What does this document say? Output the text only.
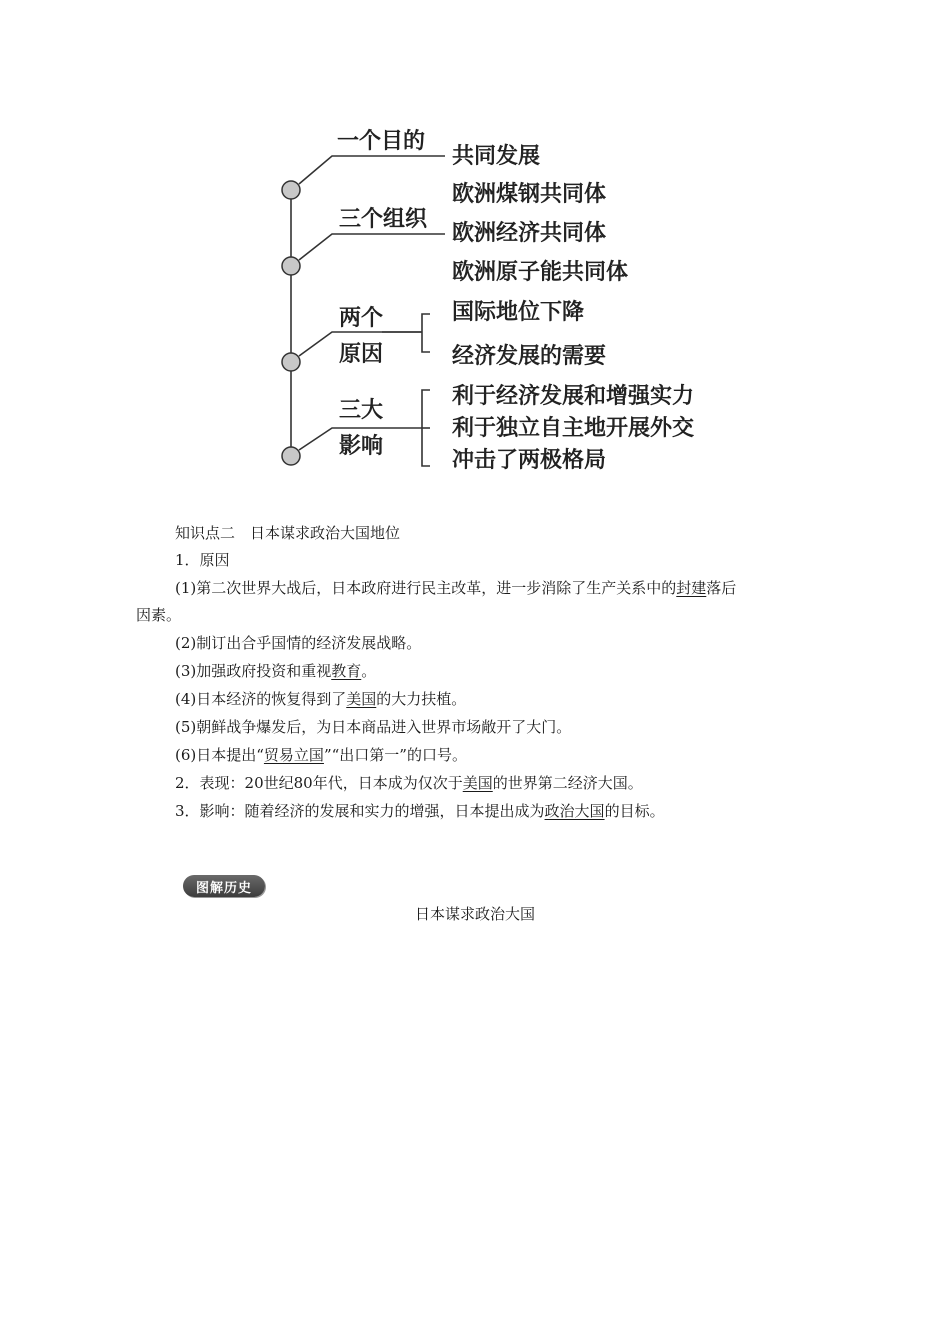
一个目的
共同发展
三个组织
欧洲煤钢共同体
欧洲经济共同体
欧洲原子能共同体
两个
原因
国际地位下降
经济发展的需要
三大
影响
利于经济发展和增强实力
利于独立自主地开展外交
冲击了两极格局
知识点二　日本谋求政治大国地位
1．原因
(1)第二次世界大战后，日本政府进行民主改革，进一步消除了生产关系中的封建落后
因素。
(2)制订出合乎国情的经济发展战略。
(3)加强政府投资和重视教育。
(4)日本经济的恢复得到了美国的大力扶植。
(5)朝鲜战争爆发后，为日本商品进入世界市场敞开了大门。
(6)日本提出“贸易立国”“出口第一”的口号。
2．表现：20世纪80年代，日本成为仅次于美国的世界第二经济大国。
3．影响：随着经济的发展和实力的增强，日本提出成为政治大国的目标。
图解历史
日本谋求政治大国
